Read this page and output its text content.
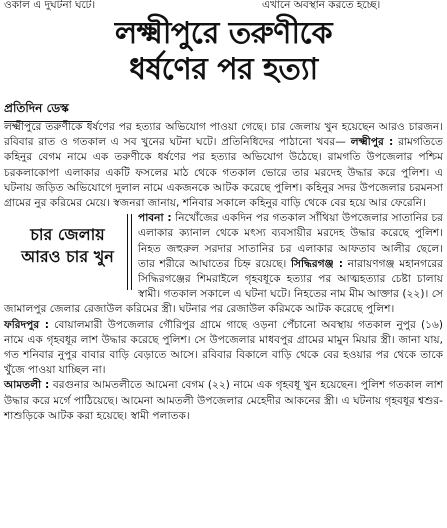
ওকাল এ দুঘটনা ঘটে।	এখানে অবস্থান করতে হচ্ছে।
লক্ষ্মীপুরে তরুণীকে
ধর্ষণের পর হত্যা
প্রতিদিন ডেস্ক

লক্ষ্মীপুরে তরুণীকে ধর্ষণের পর হত্যার অভিযোগ পাওয়া গেছে। চার জেলায় খুন হয়েছেন আরও চারজন। রবিবার রাত ও গতকাল এ সব খুনের ঘটনা ঘটে। প্রতিনিধিদের পাঠানো খবর— লক্ষ্মীপুর : রামগতিতে কহিনুর বেগম নামে এক তরুণীকে ধর্ষণের পর হত্যার অভিযোগ উঠেছে। রামগতি উপজেলার পশ্চিম চরকলাকোপা এলাকার একটি ফসলের মাঠ থেকে গতকাল ভোরে তার মরদেহ উদ্ধার করে পুলিশ। এ ঘটনায় জড়িত অভিযোগে দুলাল নামে একজনকে আটক করেছে পুলিশ। কহিনুর সদর উপজেলার চরমনসা গ্রামের নুর করিমের মেয়ে। স্বজনরা জানায়, শনিবার সকালে কহিনুর বাড়ি থেকে বের হয়ে আর ফেরেনি।

চার জেলায়
আরও চার খুন

পাবনা : নিখোঁজের একদিন পর গতকাল সাঁথিয়া উপজেলার সাতানির চর এলাকার ক্যানাল থেকে মৎস্য ব্যবসায়ীর মরদেহ উদ্ধার করেছে পুলিশ। নিহত জহুরুল সরদার সাতানির চর এলাকার আফতাব আলীর ছেলে। তার শরীরে আঘাতের চিহ্ন রয়েছে। সিদ্ধিরগঞ্জ : নারায়ণগঞ্জ মহানগরের সিদ্ধিরগঞ্জের শিমরাইলে গৃহবধূকে হত্যার পর আত্মহত্যার চেষ্টা চালায় স্বামী। গতকাল সকালে এ ঘটনা ঘটে। নিহতের নাম মীম আক্তার (২২)। সে জামালপুর জেলার রেজাউল করিমের স্ত্রী। ঘটনার পর রেজাউল করিমকে আটক করেছে পুলিশ।

ফরিদপুর : বোয়ালমারী উপজেলার গৌরিপুর গ্রামে গাছে ওড়না পেঁচানো অবস্থায় গতকাল নুপুর (১৬) নামে এক গৃহবধূর লাশ উদ্ধার করেছে পুলিশ। সে উপজেলার মাধবপুর গ্রামের মামুন মিয়ার স্ত্রী। জানা যায়, গত শনিবার নুপুর বাবার বাড়ি বেড়াতে আসে। রবিবার বিকালে বাড়ি থেকে বের হওয়ার পর থেকে তাকে খুঁজে পাওয়া যাচ্ছিল না।

আমতলী : বরগুনার আমতলীতে আমেনা বেগম (২২) নামে এক গৃহবধূ খুন হয়েছেন। পুলিশ গতকাল লাশ উদ্ধার করে মর্গে পাঠিয়েছে। আমেনা আমতলী উপজেলার মেহেদীর আকনের স্ত্রী। এ ঘটনায় গৃহবধূর শ্বশুর-শাশুড়িকে আটক করা হয়েছে। স্বামী পলাতক।
